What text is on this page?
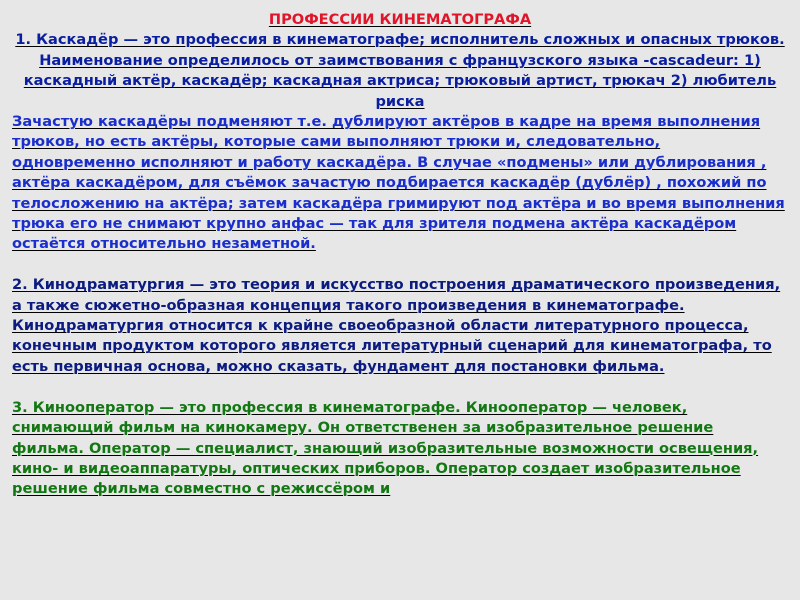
ПРОФЕССИИ КИНЕМАТОГРАФА

1. Каскадёр — это профессия в кинематографе; исполнитель сложных и опасных трюков. Наименование определилось от заимствования с французского языка -cascadeur: 1) каскадный актёр, каскадёр; каскадная актриса; трюковый артист, трюкач 2) любитель риска

Зачастую каскадёры подменяют т.е. дублируют актёров в кадре на время выполнения трюков, но есть актёры, которые сами выполняют трюки и, следовательно, одновременно исполняют и работу каскадёра. В случае «подмены» или дублирования , актёра каскадёром, для съёмок зачастую подбирается каскадёр (дублёр) , похожий по телосложению на актёра; затем каскадёра гримируют под актёра и во время выполнения трюка его не снимают крупно анфас — так для зрителя подмена актёра каскадёром остаётся относительно незаметной.

2. Кинодраматургия — это теория и искусство построения драматического произведения, а также сюжетно-образная концепция такого произведения в кинематографе.

Кинодраматургия относится к крайне своеобразной области литературного процесса, конечным продуктом которого является литературный сценарий для кинематографа, то есть первичная основа, можно сказать, фундамент для постановки фильма.

3. Кинооператор — это профессия в кинематографе. Кинооператор — человек, снимающий фильм на кинокамеру. Он ответственен за изобразительное решение фильма. Оператор — специалист, знающий изобразительные возможности освещения, кино- и видеоаппаратуры, оптических приборов. Оператор создает изобразительное решение фильма совместно с режиссёром и
